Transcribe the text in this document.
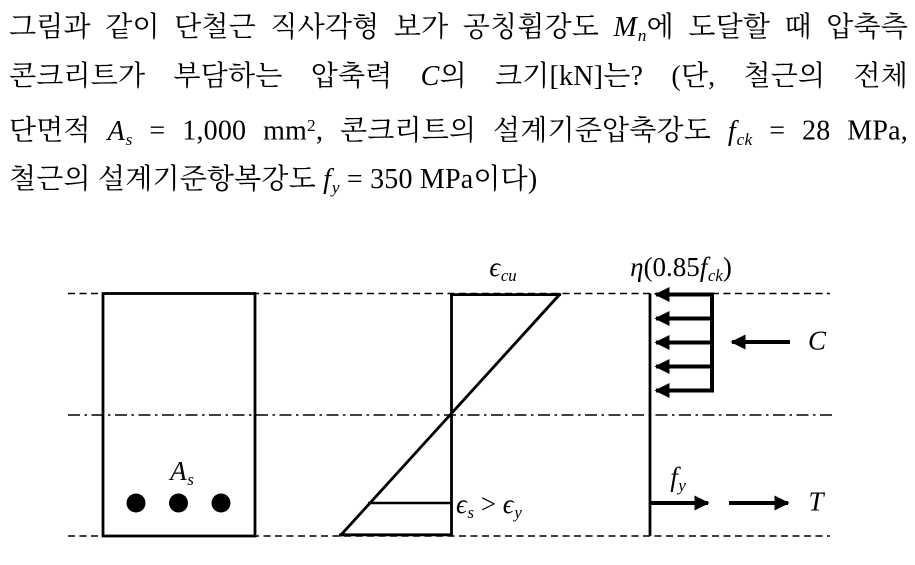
그림과 같이 단철근 직사각형 보가 공칭휨강도 Mn에 도달할 때 압축측
콘크리트가 부담하는 압축력 C의 크기[kN]는? (단, 철근의 전체
단면적 As = 1,000 $mm^2$, 콘크리트의 설계기준압축강도 fck = 28 MPa,
철근의 설계기준항복강도 fy = 350 MPa이다)
ϵcu	η(0.85fck)
As
ϵs > ϵy
fy
C
T
